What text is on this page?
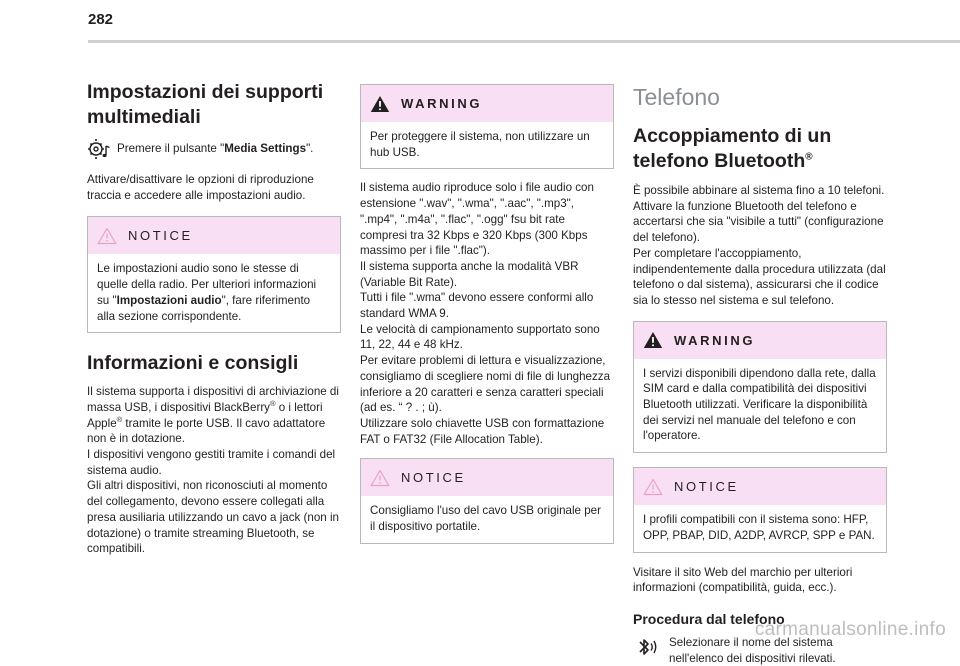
282
Impostazioni dei supporti multimediali

Premere il pulsante "Media Settings".

Attivare/disattivare le opzioni di riproduzione traccia e accedere alle impostazioni audio.

NOTICE
Le impostazioni audio sono le stesse di quelle della radio. Per ulteriori informazioni su "Impostazioni audio", fare riferimento alla sezione corrispondente.
Informazioni e consigli

Il sistema supporta i dispositivi di archiviazione di massa USB, i dispositivi BlackBerry® o i lettori Apple® tramite le porte USB. Il cavo adattatore non è in dotazione.

I dispositivi vengono gestiti tramite i comandi del sistema audio.

Gli altri dispositivi, non riconosciuti al momento del collegamento, devono essere collegati alla presa ausiliaria utilizzando un cavo a jack (non in dotazione) o tramite streaming Bluetooth, se compatibili.

WARNING
Per proteggere il sistema, non utilizzare un hub USB.

Il sistema audio riproduce solo i file audio con estensione ".wav", ".wma", ".aac", ".mp3", ".mp4", ".m4a", ".flac", ".ogg" fsu bit rate compresi tra 32 Kbps e 320 Kbps (300 Kbps massimo per i file ".flac").

Il sistema supporta anche la modalità VBR (Variable Bit Rate).

Tutti i file ".wma" devono essere conformi allo standard WMA 9.

Le velocità di campionamento supportato sono 11, 22, 44 e 48 kHz.

Per evitare problemi di lettura e visualizzazione, consigliamo di scegliere nomi di file di lunghezza inferiore a 20 caratteri e senza caratteri speciali (ad es. “ ? . ; ù).

Utilizzare solo chiavette USB con formattazione FAT o FAT32 (File Allocation Table).

NOTICE
Consigliamo l'uso del cavo USB originale per il dispositivo portatile.
Telefono
Accoppiamento di un telefono Bluetooth®

È possibile abbinare al sistema fino a 10 telefoni.

Attivare la funzione Bluetooth del telefono e accertarsi che sia "visibile a tutti" (configurazione del telefono).

Per completare l'accoppiamento, indipendentemente dalla procedura utilizzata (dal telefono o dal sistema), assicurarsi che il codice sia lo stesso nel sistema e sul telefono.

WARNING
I servizi disponibili dipendono dalla rete, dalla SIM card e dalla compatibilità dei dispositivi Bluetooth utilizzati. Verificare la disponibilità dei servizi nel manuale del telefono e con l'operatore.
NOTICE
I profili compatibili con il sistema sono: HFP, OPP, PBAP, DID, A2DP, AVRCP, SPP e PAN.

Visitare il sito Web del marchio per ulteriori informazioni (compatibilità, guida, ecc.).

Procedura dal telefono

Selezionare il nome del sistema nell'elenco dei dispositivi rilevati.

carmanualsonline.info
